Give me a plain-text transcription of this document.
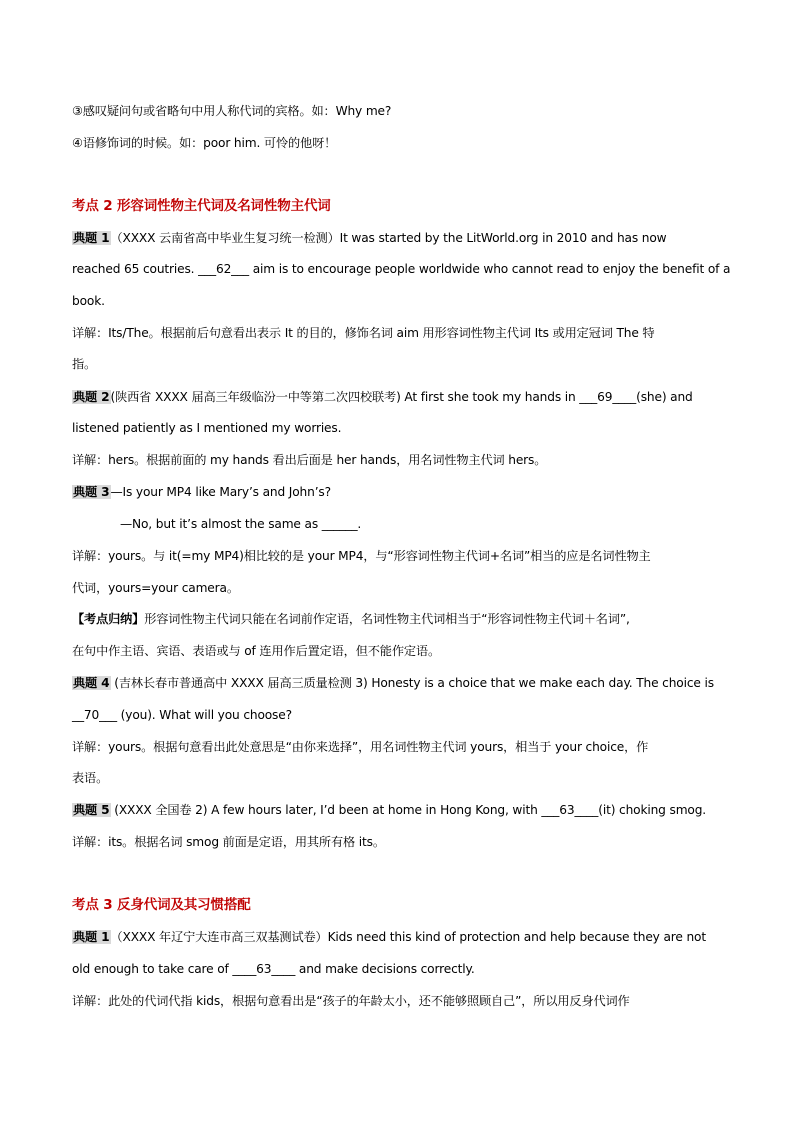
③感叹疑问句或省略句中用人称代词的宾格。如：Why me?
④语修饰词的时候。如：poor him. 可怜的他呀！
考点 2 形容词性物主代词及名词性物主代词
典题 1（XXXX 云南省高中毕业生复习统一检测）It was started by the LitWorld.org in 2010 and has now
reached 65 coutries. ___62___ aim is to encourage people worldwide who cannot read to enjoy the benefit of a
book.
详解：Its/The。根据前后句意看出表示 It 的目的，修饰名词 aim 用形容词性物主代词 Its 或用定冠词 The 特
指。
典题 2(陕西省 XXXX 届高三年级临汾一中等第二次四校联考) At first she took my hands in ___69____(she) and
listened patiently as I mentioned my worries.
详解：hers。根据前面的 my hands 看出后面是 her hands，用名词性物主代词 hers。
典题 3—Is your MP4 like Mary’s and John’s?
—No, but it’s almost the same as ______.
详解：yours。与 it(=my MP4)相比较的是 your MP4，与“形容词性物主代词+名词”相当的应是名词性物主
代词，yours=your camera。
【考点归纳】形容词性物主代词只能在名词前作定语，名词性物主代词相当于“形容词性物主代词＋名词”,
在句中作主语、宾语、表语或与 of 连用作后置定语，但不能作定语。
典题 4 (吉林长春市普通高中 XXXX 届高三质量检测 3) Honesty is a choice that we make each day. The choice is
__70___ (you). What will you choose?
详解：yours。根据句意看出此处意思是“由你来选择”，用名词性物主代词 yours，相当于 your choice，作
表语。
典题 5 (XXXX 全国卷 2) A few hours later, I’d been at home in Hong Kong, with ___63____(it) choking smog.
详解：its。根据名词 smog 前面是定语，用其所有格 its。
考点 3 反身代词及其习惯搭配
典题 1（XXXX 年辽宁大连市高三双基测试卷）Kids need this kind of protection and help because they are not
old enough to take care of ____63____ and make decisions correctly.
详解：此处的代词代指 kids，根据句意看出是“孩子的年龄太小，还不能够照顾自己”，所以用反身代词作
